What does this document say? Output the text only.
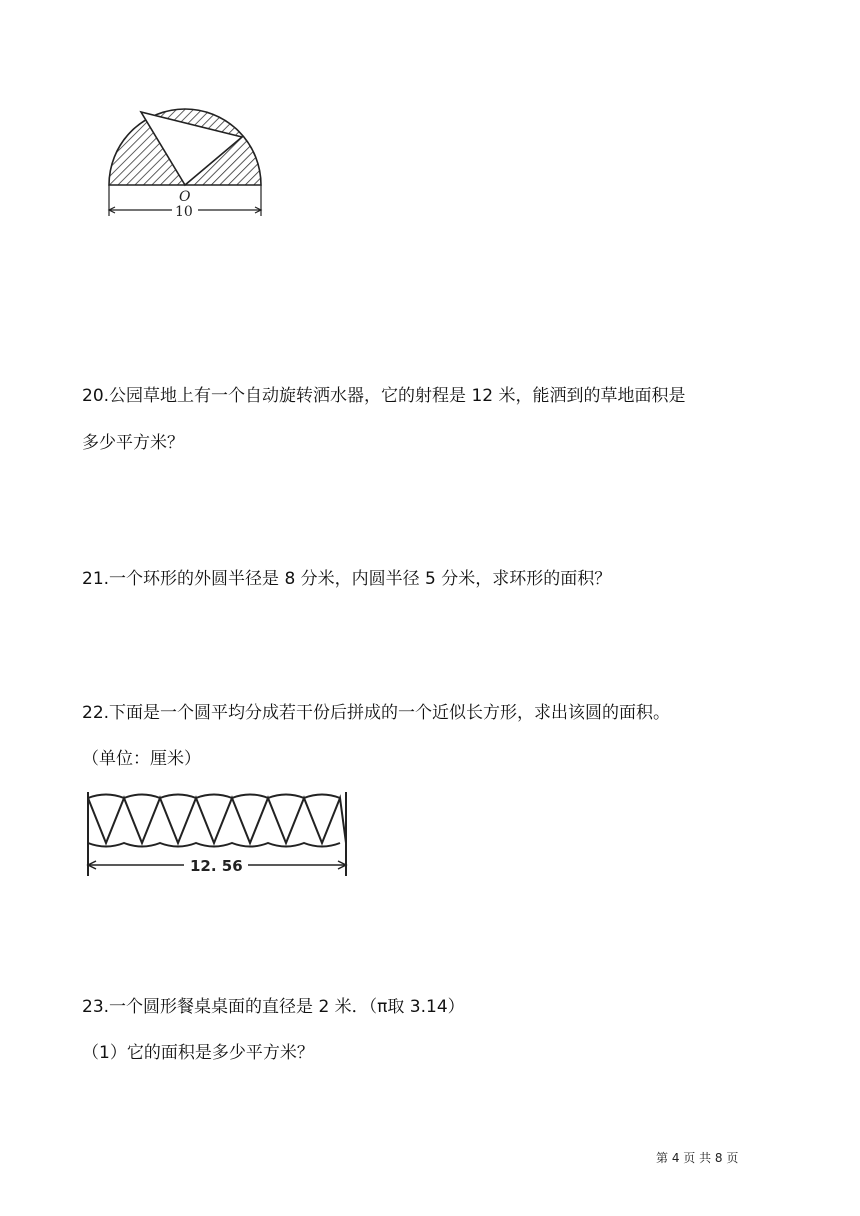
O
10
20.公园草地上有一个自动旋转洒水器，它的射程是 12 米，能洒到的草地面积是
多少平方米？
21.一个环形的外圆半径是 8 分米，内圆半径 5 分米，求环形的面积？
22.下面是一个圆平均分成若干份后拼成的一个近似长方形，求出该圆的面积。
（单位：厘米）
12. 56
23.一个圆形餐桌桌面的直径是 2 米．（π取 3.14）
（1）它的面积是多少平方米？
第 4 页 共 8 页
